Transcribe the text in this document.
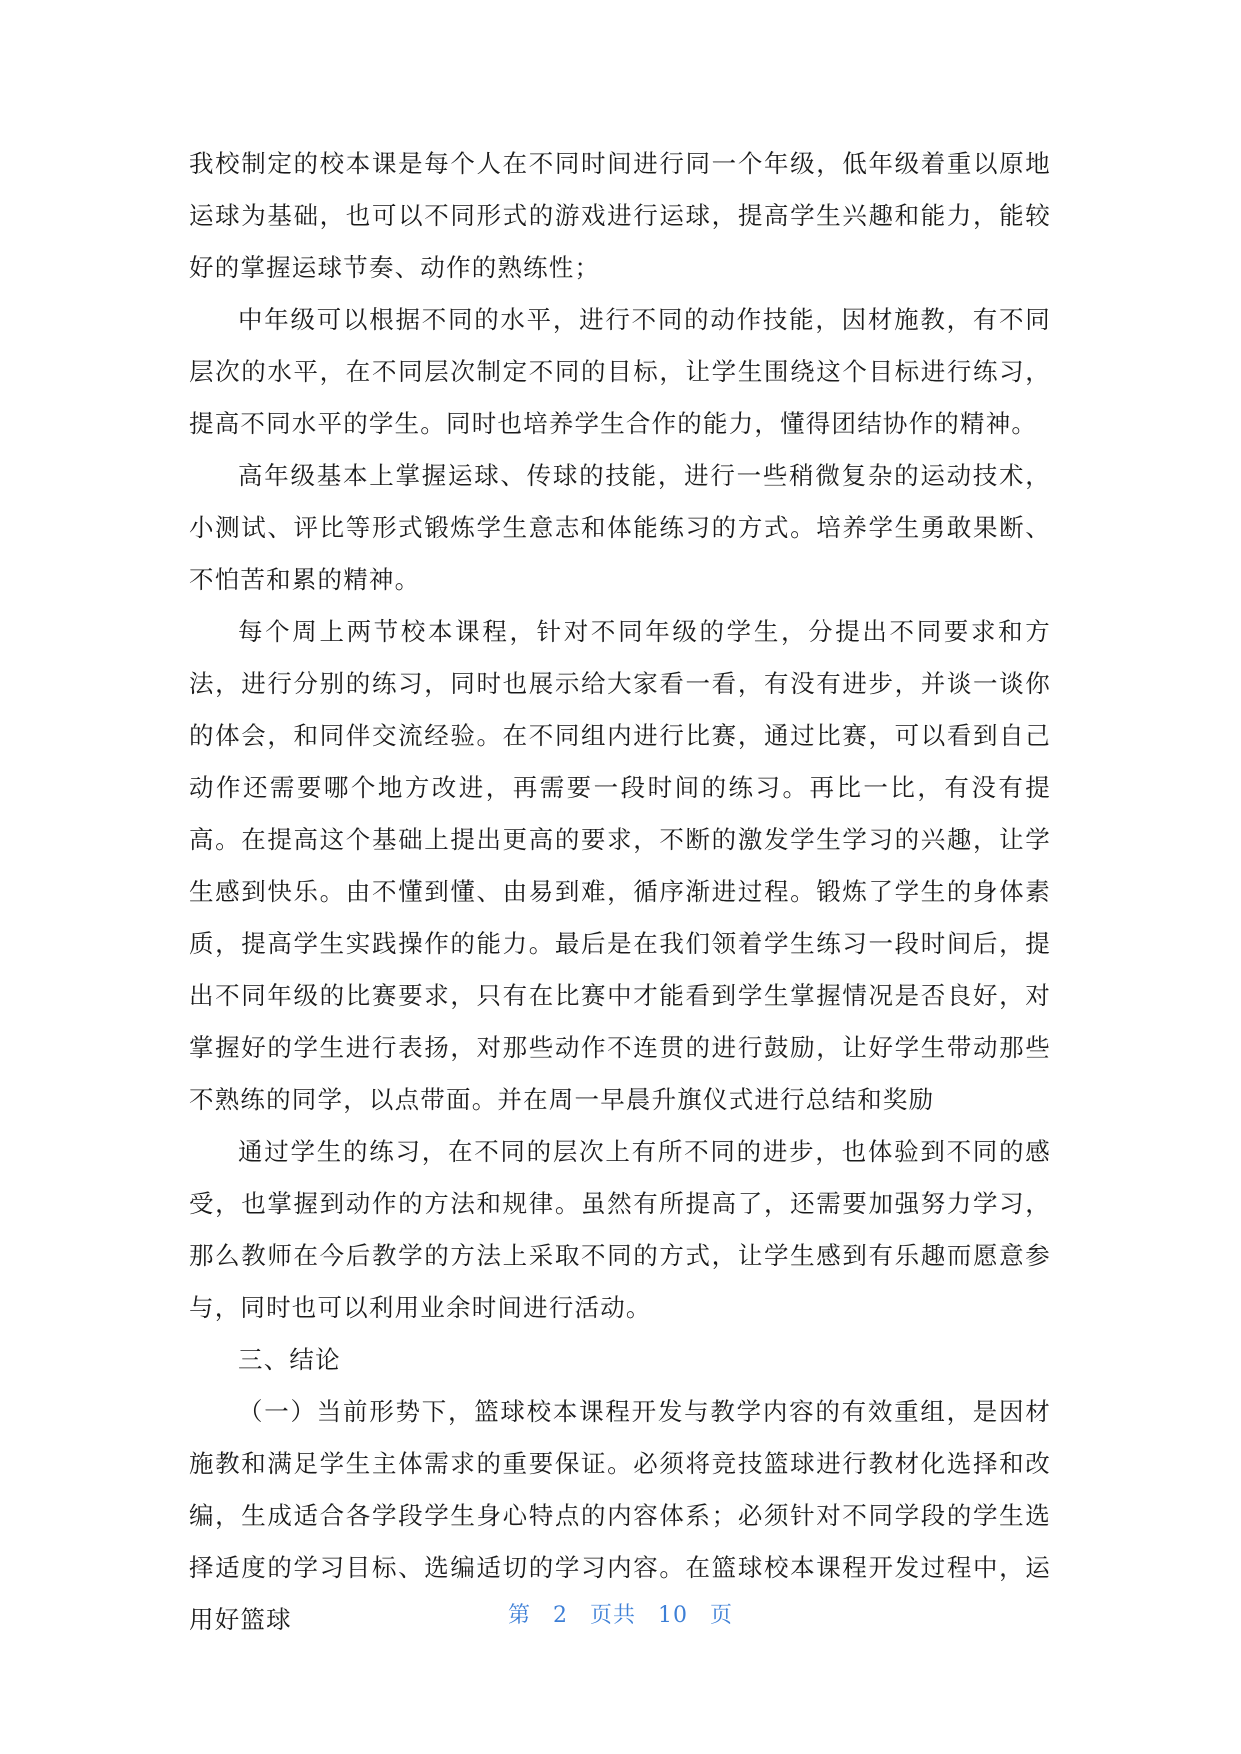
我校制定的校本课是每个人在不同时间进行同一个年级，低年级着重以原地运球为基础，也可以不同形式的游戏进行运球，提高学生兴趣和能力，能较好的掌握运球节奏、动作的熟练性；

中年级可以根据不同的水平，进行不同的动作技能，因材施教，有不同层次的水平，在不同层次制定不同的目标，让学生围绕这个目标进行练习，提高不同水平的学生。同时也培养学生合作的能力，懂得团结协作的精神。

高年级基本上掌握运球、传球的技能，进行一些稍微复杂的运动技术，小测试、评比等形式锻炼学生意志和体能练习的方式。培养学生勇敢果断、不怕苦和累的精神。

每个周上两节校本课程，针对不同年级的学生，分提出不同要求和方法，进行分别的练习，同时也展示给大家看一看，有没有进步，并谈一谈你的体会，和同伴交流经验。在不同组内进行比赛，通过比赛，可以看到自己动作还需要哪个地方改进，再需要一段时间的练习。再比一比，有没有提高。在提高这个基础上提出更高的要求，不断的激发学生学习的兴趣，让学生感到快乐。由不懂到懂、由易到难，循序渐进过程。锻炼了学生的身体素质，提高学生实践操作的能力。最后是在我们领着学生练习一段时间后，提出不同年级的比赛要求，只有在比赛中才能看到学生掌握情况是否良好，对掌握好的学生进行表扬，对那些动作不连贯的进行鼓励，让好学生带动那些不熟练的同学，以点带面。并在周一早晨升旗仪式进行总结和奖励

通过学生的练习，在不同的层次上有所不同的进步，也体验到不同的感受，也掌握到动作的方法和规律。虽然有所提高了，还需要加强努力学习，那么教师在今后教学的方法上采取不同的方式，让学生感到有乐趣而愿意参与，同时也可以利用业余时间进行活动。

三、结论

（一）当前形势下，篮球校本课程开发与教学内容的有效重组，是因材施教和满足学生主体需求的重要保证。必须将竞技篮球进行教材化选择和改编，生成适合各学段学生身心特点的内容体系；必须针对不同学段的学生选择适度的学习目标、选编适切的学习内容。在篮球校本课程开发过程中，运用好篮球	第 2 页共 10 页
